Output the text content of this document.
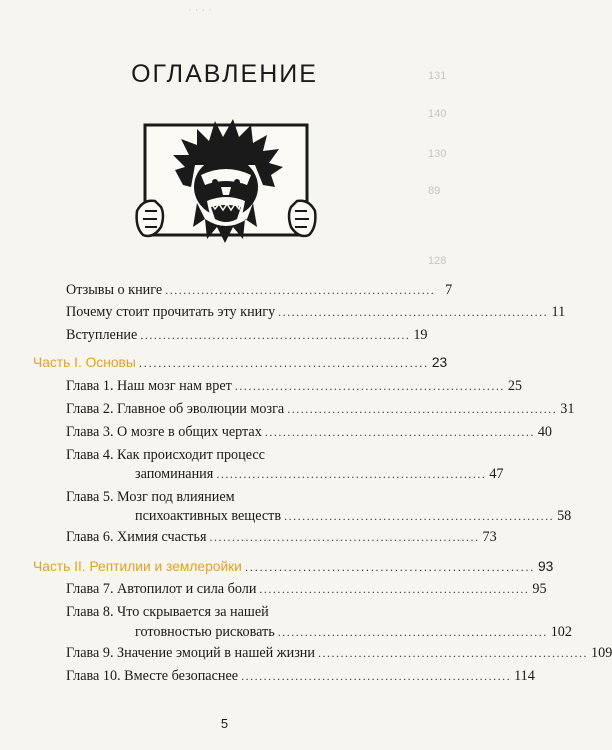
· · · ·
131
140
130
89
128
ОГЛАВЛЕНИЕ
Отзывы о книге ............................................................ 7
Почему стоит прочитать эту книгу ............................................................ 11
Вступление ............................................................ 19
Часть I. Основы ............................................................ 23
Глава 1. Наш мозг нам врет ............................................................ 25
Глава 2. Главное об эволюции мозга ............................................................ 31
Глава 3. О мозге в общих чертах ............................................................ 40
Глава 4. Как происходит процесс
запоминания ............................................................ 47
Глава 5. Мозг под влиянием
психоактивных веществ ............................................................ 58
Глава 6. Химия счастья ............................................................ 73
Часть II. Рептилии и землеройки ............................................................ 93
Глава 7. Автопилот и сила боли ............................................................ 95
Глава 8. Что скрывается за нашей
готовностью рисковать ............................................................ 102
Глава 9. Значение эмоций в нашей жизни ............................................................ 109
Глава 10. Вместе безопаснее ............................................................ 114
5
